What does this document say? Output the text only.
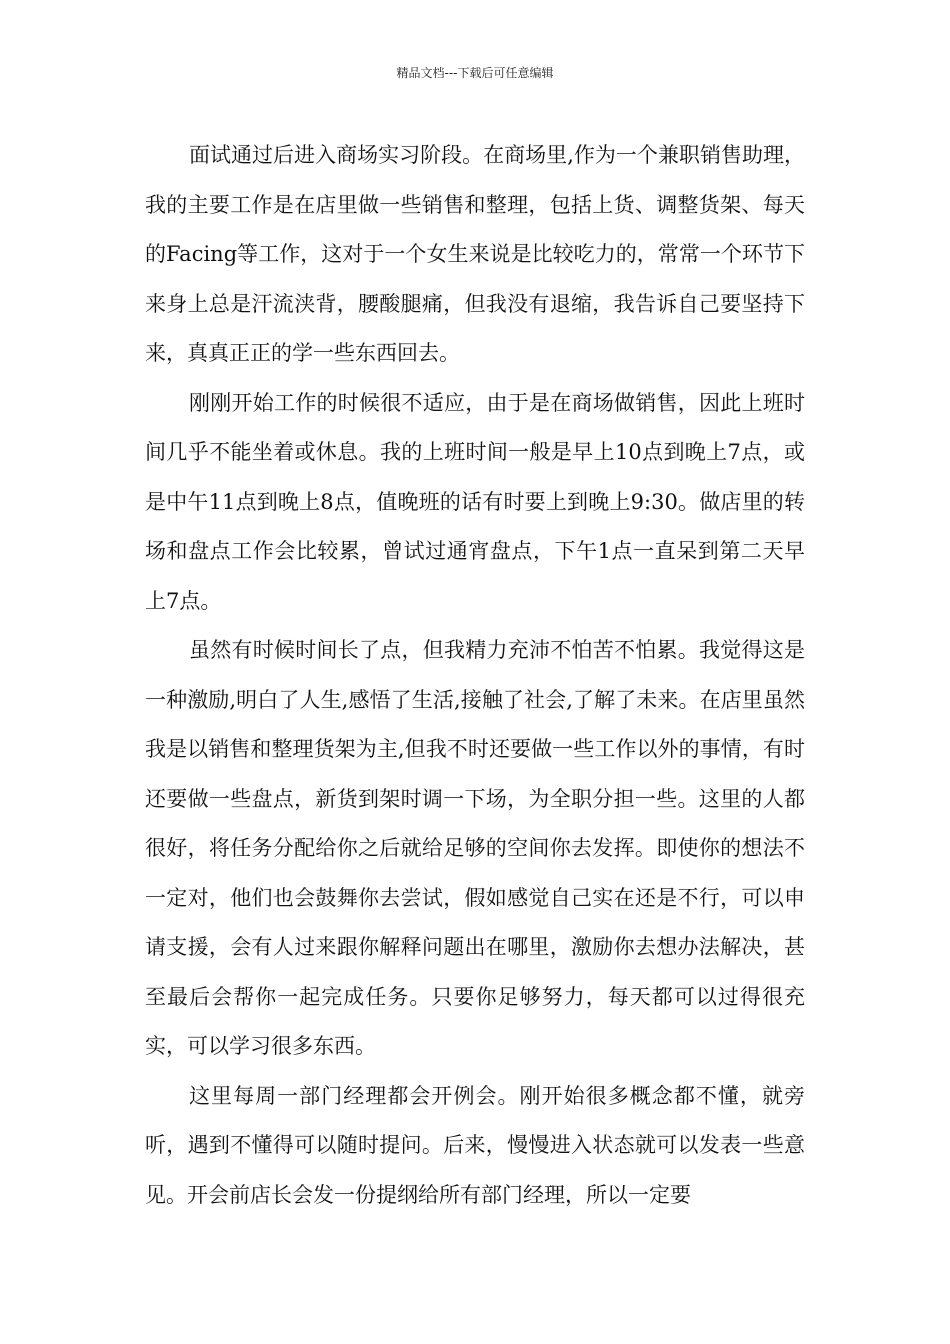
精品文档---下载后可任意编辑

面试通过后进入商场实习阶段。在商场里,作为一个兼职销售助理，我的主要工作是在店里做一些销售和整理，包括上货、调整货架、每天的Facing等工作，这对于一个女生来说是比较吃力的，常常一个环节下来身上总是汗流浃背，腰酸腿痛，但我没有退缩，我告诉自己要坚持下来，真真正正的学一些东西回去。

刚刚开始工作的时候很不适应，由于是在商场做销售，因此上班时间几乎不能坐着或休息。我的上班时间一般是早上10点到晚上7点，或是中午11点到晚上8点，值晚班的话有时要上到晚上9:30。做店里的转场和盘点工作会比较累，曾试过通宵盘点，下午1点一直呆到第二天早上7点。

虽然有时候时间长了点，但我精力充沛不怕苦不怕累。我觉得这是一种激励,明白了人生,感悟了生活,接触了社会,了解了未来。在店里虽然我是以销售和整理货架为主,但我不时还要做一些工作以外的事情，有时还要做一些盘点，新货到架时调一下场，为全职分担一些。这里的人都很好，将任务分配给你之后就给足够的空间你去发挥。即使你的想法不一定对，他们也会鼓舞你去尝试，假如感觉自己实在还是不行，可以申请支援，会有人过来跟你解释问题出在哪里，激励你去想办法解决，甚至最后会帮你一起完成任务。只要你足够努力，每天都可以过得很充实，可以学习很多东西。

这里每周一部门经理都会开例会。刚开始很多概念都不懂，就旁听，遇到不懂得可以随时提问。后来，慢慢进入状态就可以发表一些意见。开会前店长会发一份提纲给所有部门经理，所以一定要
